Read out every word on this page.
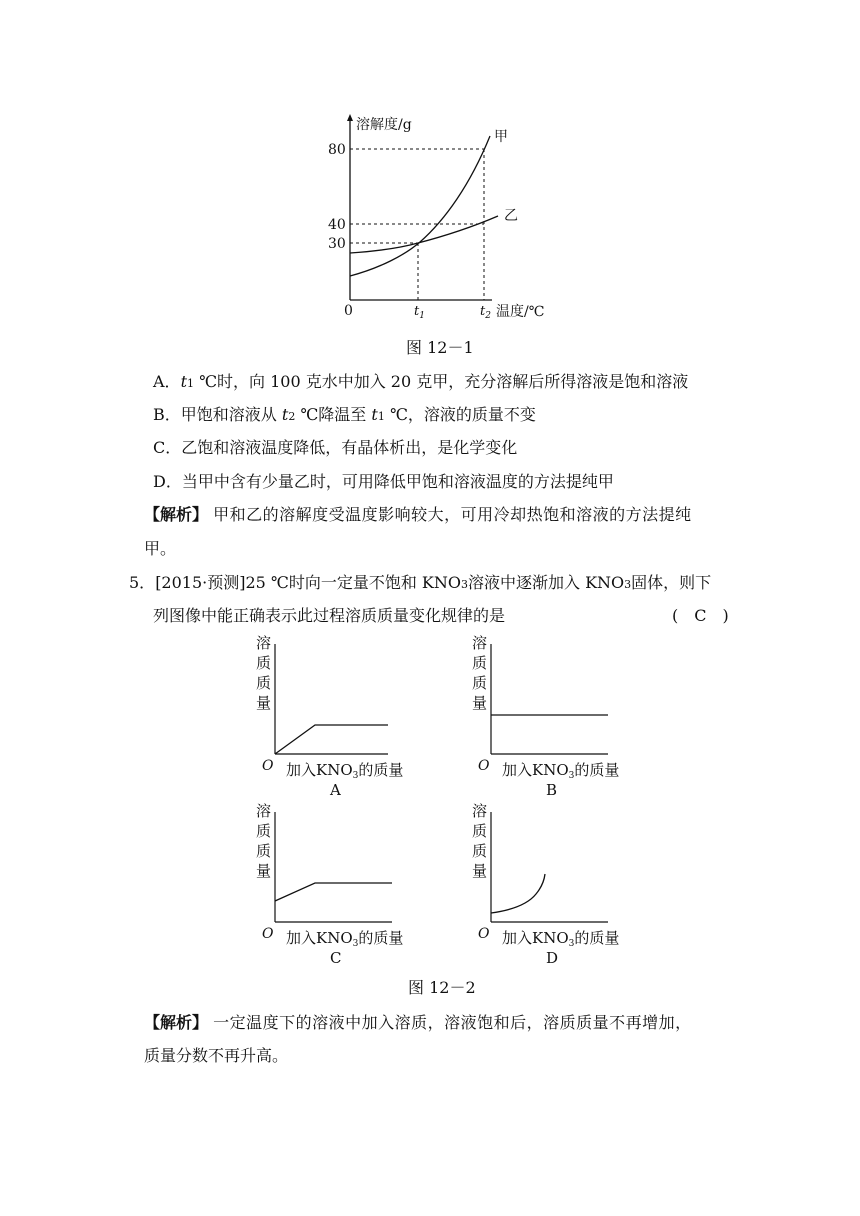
溶解度/g
80
40
30
0	$t_1$	$t_2$ 温度/℃
甲
乙
图 12－1
A．t1 ℃时，向 100 克水中加入 20 克甲，充分溶解后所得溶液是饱和溶液
B．甲饱和溶液从 t2 ℃降温至 t1 ℃，溶液的质量不变
C．乙饱和溶液温度降低，有晶体析出，是化学变化
D．当甲中含有少量乙时，可用降低甲饱和溶液温度的方法提纯甲
【解析】 甲和乙的溶解度受温度影响较大，可用冷却热饱和溶液的方法提纯
甲。
5．[2015·预测]25 ℃时向一定量不饱和 KNO3溶液中逐渐加入 KNO3固体，则下
列图像中能正确表示此过程溶质质量变化规律的是	(　C　)
溶
质
质
量
O 加入$KNO_3$的质量
A
溶
质
质
量
O 加入$KNO_3$的质量
B
溶
质
质
量
O 加入$KNO_3$的质量
C
溶
质
质
量
O 加入$KNO_3$的质量
D
图 12－2
【解析】 一定温度下的溶液中加入溶质，溶液饱和后，溶质质量不再增加，
质量分数不再升高。
